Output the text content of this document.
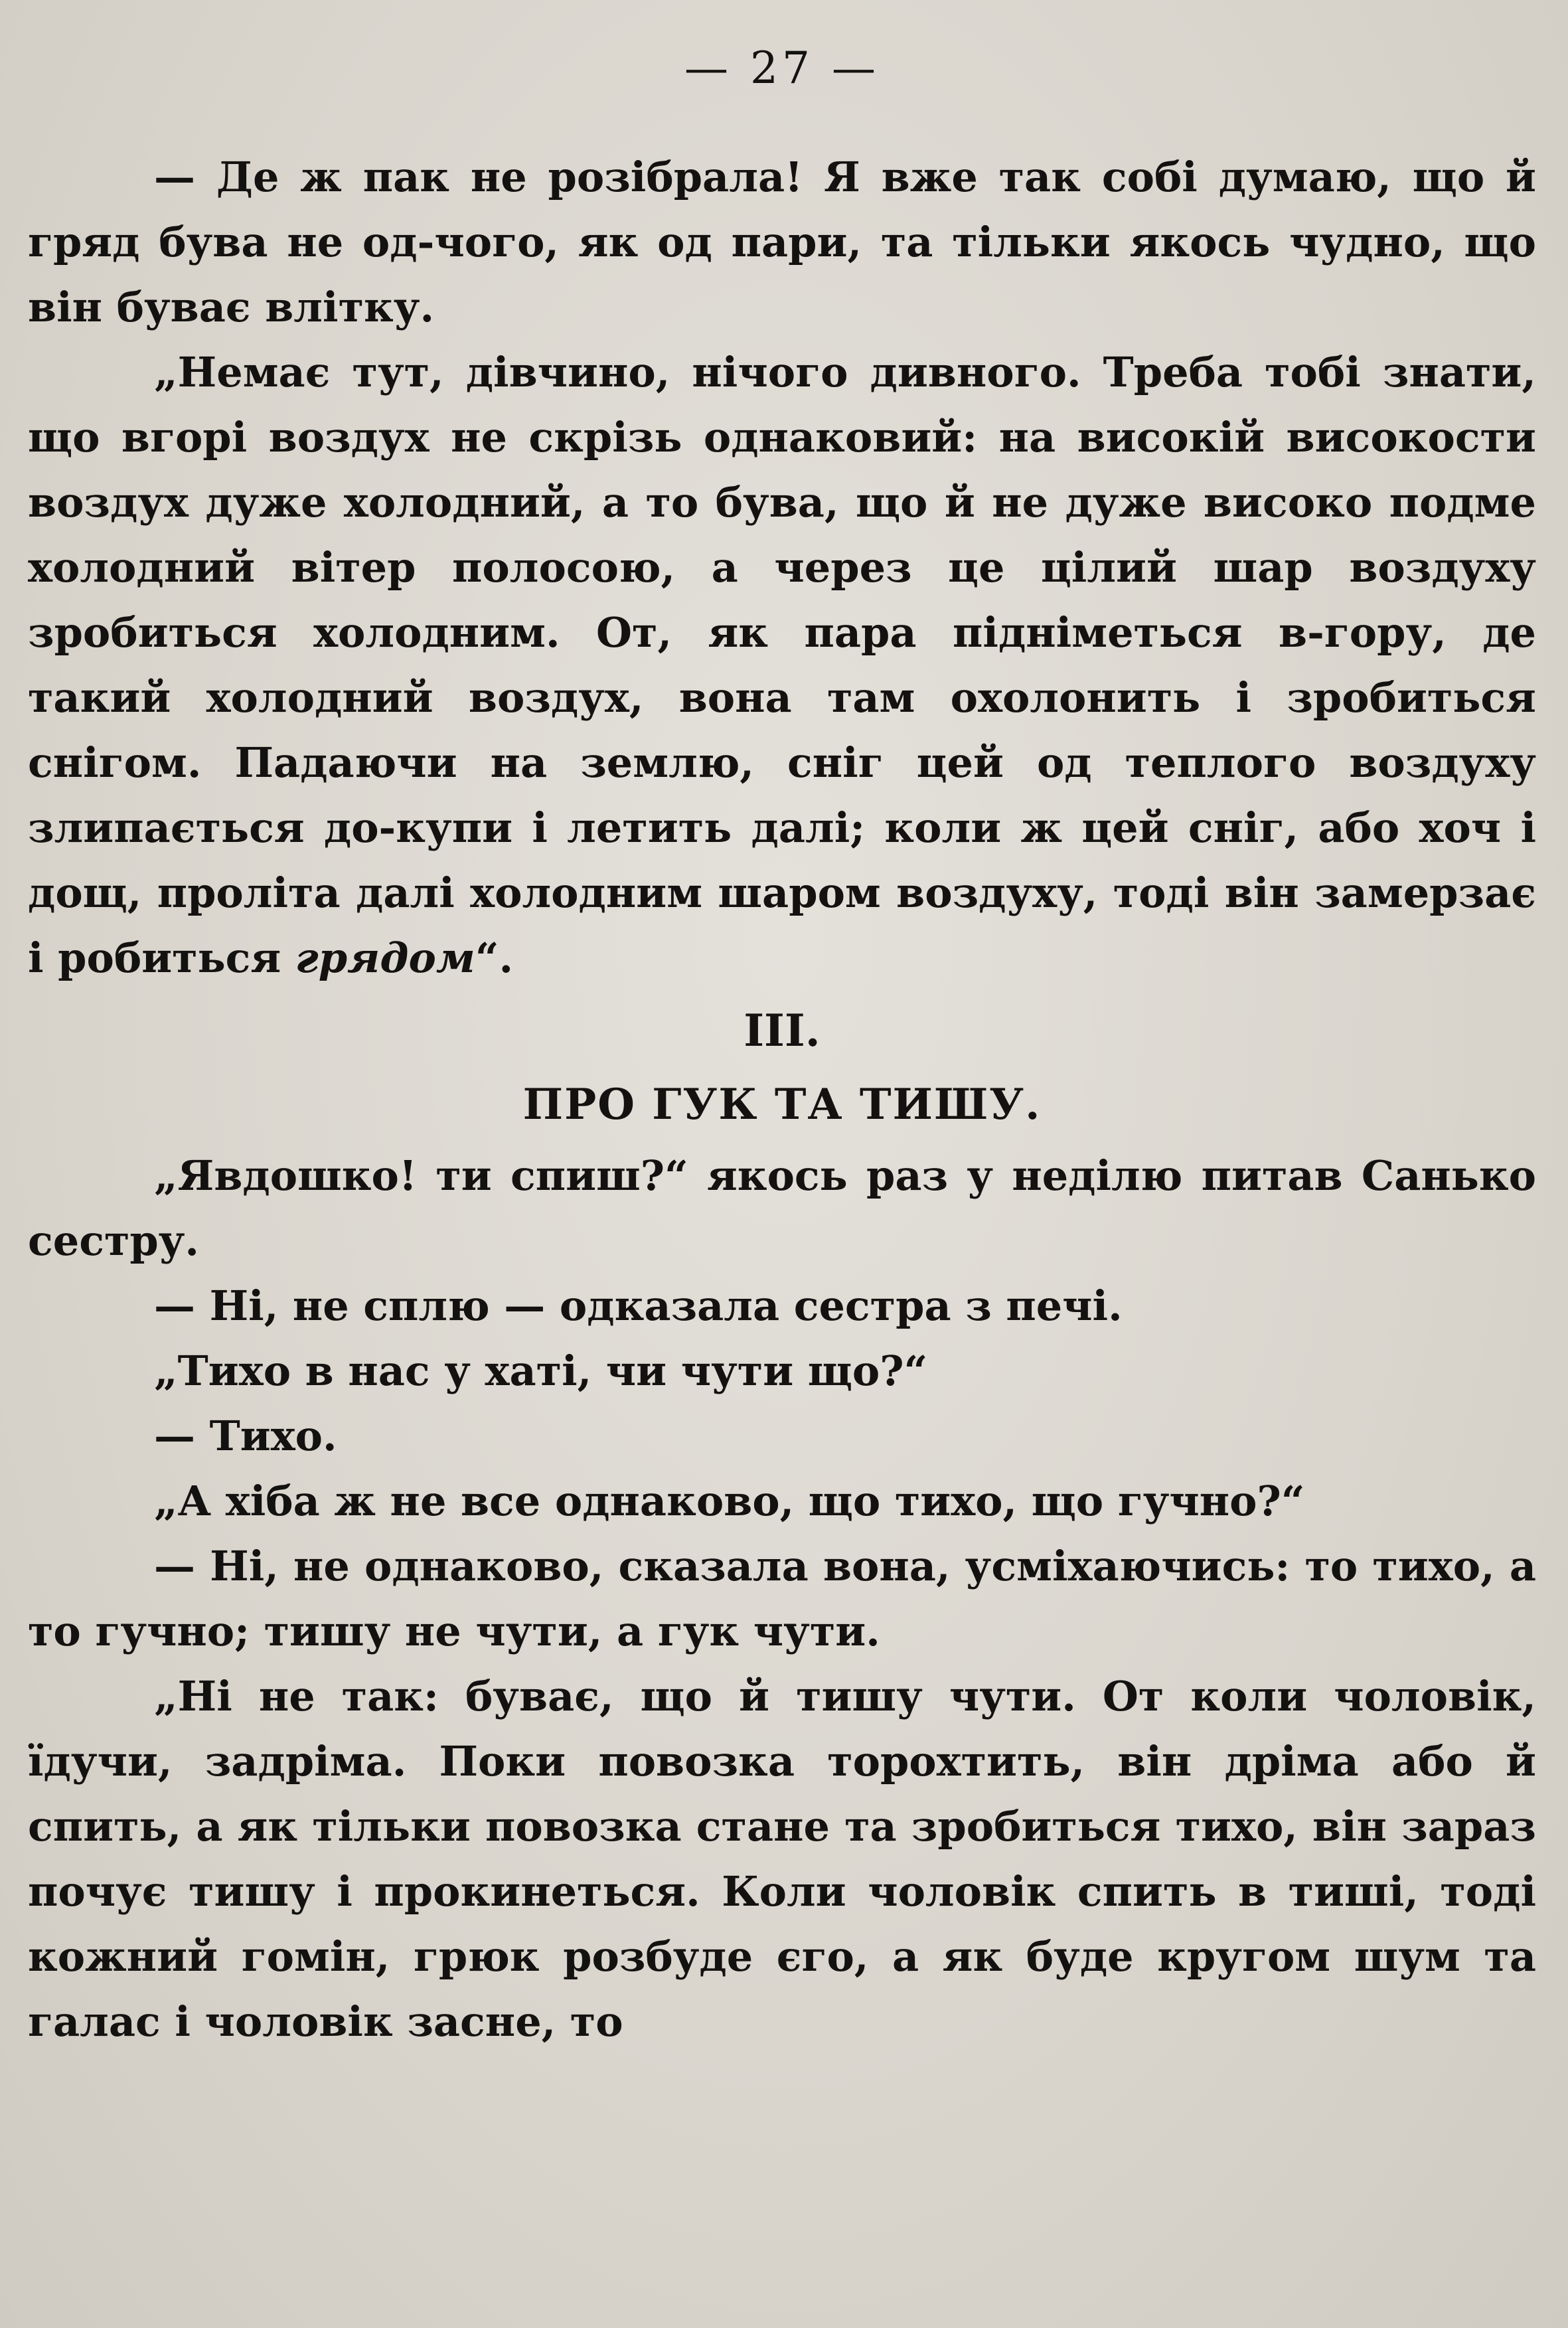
— 27 —

— Де ж пак не розібрала! Я вже так собі думаю, що й гряд бува не од-чого, як од пари, та тільки якось чудно, що він буває влітку.

„Немає тут, дівчино, нічого дивного. Треба тобі знати, що вгорі воздух не скрізь однаковий: на високій високости воздух дуже холодний, а то бува, що й не дуже високо подме холодний вітер полосою, а через це цілий шар воздуху зробиться холодним. От, як пара підніметься в-гору, де такий холодний воздух, вона там охолонить і зробиться снігом. Падаючи на землю, сніг цей од теплого воздуху злипається до-купи і летить далі; коли ж цей сніг, або хоч і дощ, проліта далі холодним шаром воздуху, тоді він замерзає і робиться грядом“.

III.
ПРО ГУК ТА ТИШУ.

„Явдошко! ти спиш?“ якось раз у неділю питав Санько сестру.

— Ні, не сплю — одказала сестра з печі.

„Тихо в нас у хаті, чи чути що?“

— Тихо.

„А хіба ж не все однаково, що тихо, що гучно?“

— Ні, не однаково, сказала вона, усміхаючись: то тихо, а то гучно; тишу не чути, а гук чути.

„Ні не так: буває, що й тишу чути. От коли чоловік, їдучи, задріма. Поки повозка торохтить, він дріма або й спить, а як тільки повозка стане та зробиться тихо, він зараз почує тишу і прокинеться. Коли чоловік спить в тиші, тоді кожний гомін, грюк розбуде єго, а як буде кругом шум та галас і чоловік засне, то
